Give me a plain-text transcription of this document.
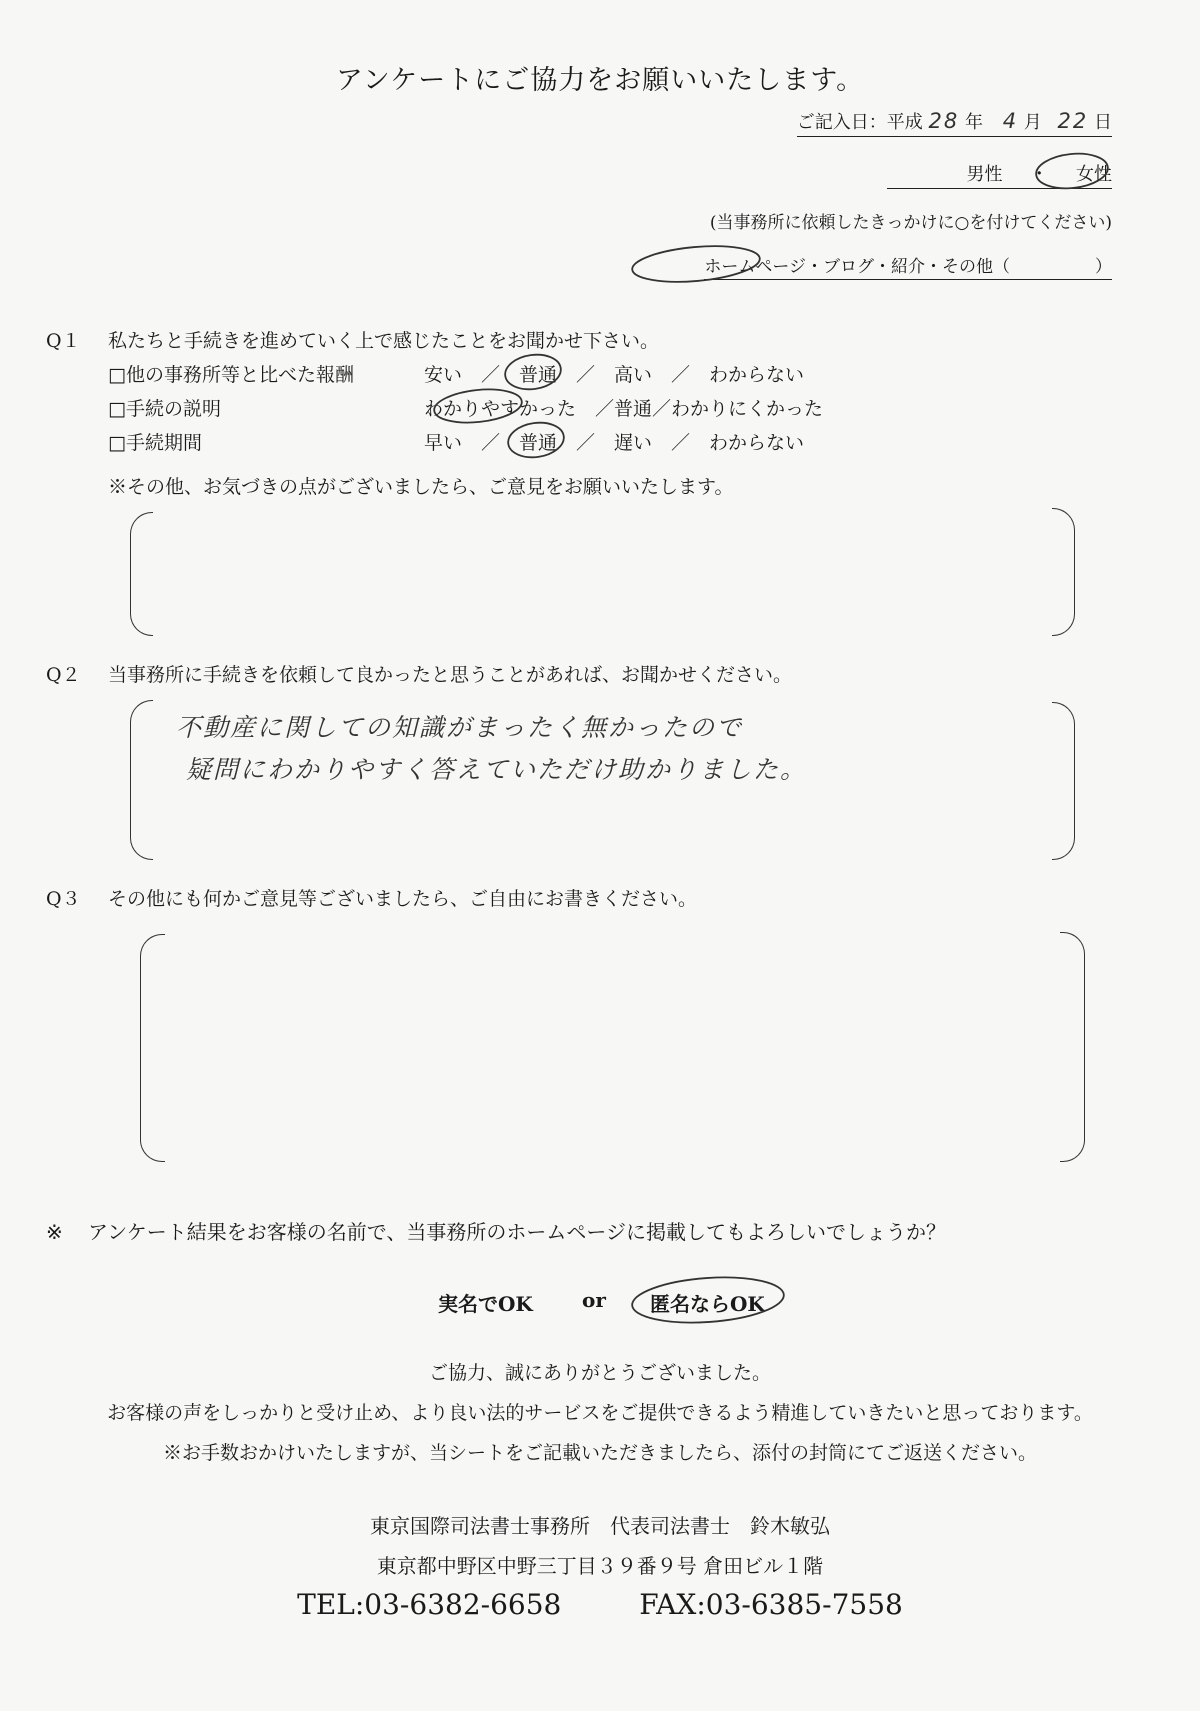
アンケートにご協力をお願いいたします。
ご記入日：平成 28 年 4 月 22 日
男性 ・ 女性
(当事務所に依頼したきっかけに○を付けてください)
ホームページ・ブログ・紹介・その他（　　　　　）
Q１ 私たちと手続きを進めていく上で感じたことをお聞かせ下さい。
□他の事務所等と比べた報酬	安い　／　普通　／　高い　／　わからない
□手続の説明	わかりやすかった　／普通／わかりにくかった
□手続期間	早い　／　普通　／　遅い　／　わからない
※その他、お気づきの点がございましたら、ご意見をお願いいたします。
Q２ 当事務所に手続きを依頼して良かったと思うことがあれば、お聞かせください。
不動産に関しての知識がまったく無かったので
疑問にわかりやすく答えていただけ助かりました。
Q３ その他にも何かご意見等ございましたら、ご自由にお書きください。
※ アンケート結果をお客様の名前で、当事務所のホームページに掲載してもよろしいでしょうか？
実名でOK or 匿名ならOK
ご協力、誠にありがとうございました。
お客様の声をしっかりと受け止め、より良い法的サービスをご提供できるよう精進していきたいと思っております。
※お手数おかけいたしますが、当シートをご記載いただきましたら、添付の封筒にてご返送ください。
東京国際司法書士事務所　代表司法書士　鈴木敏弘
東京都中野区中野三丁目３９番９号 倉田ビル１階
TEL:03-6382-6658	FAX:03-6385-7558
